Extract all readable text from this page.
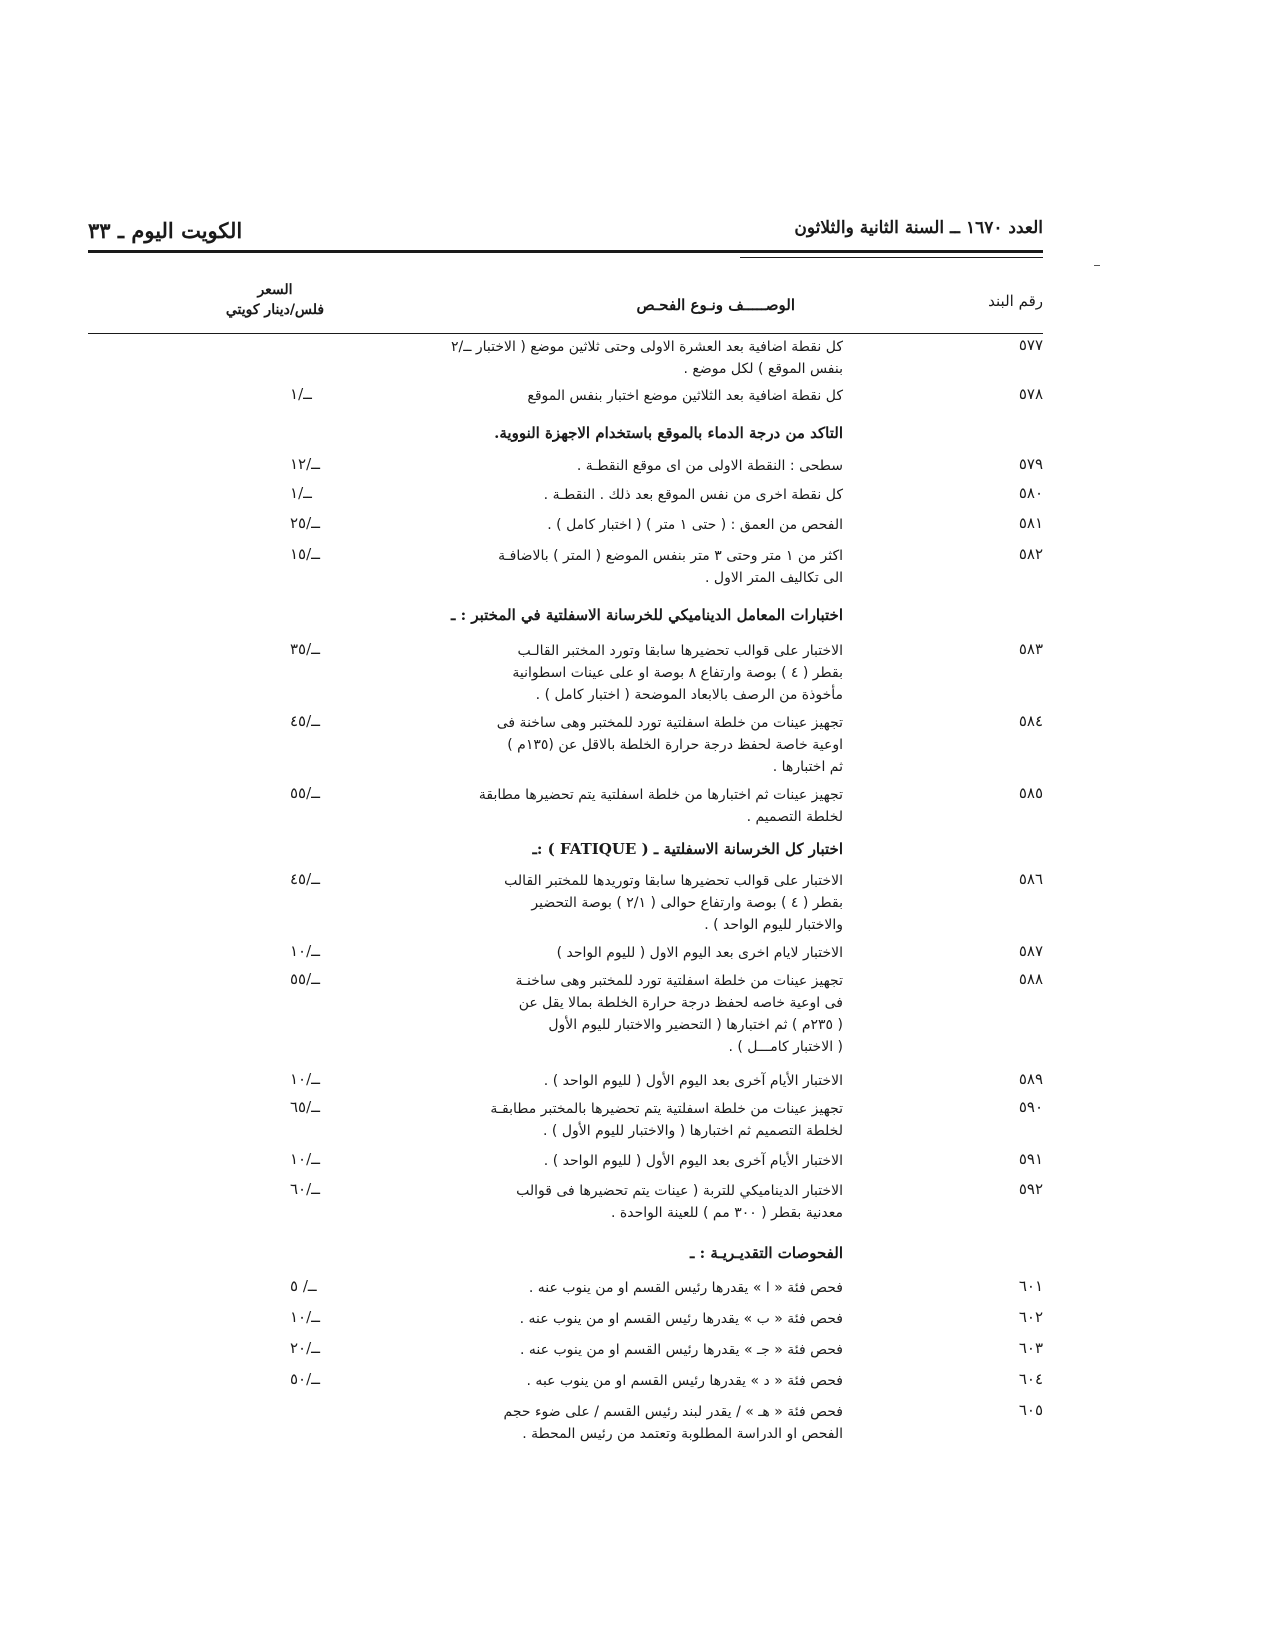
العدد ١٦٧٠ ــ السنة الثانية والثلاثون
الكويت اليوم ـ ٣٣
رقم البند
الوصـــــف ونـوع الفحـص
السعر
فلس/دينار كويتي
٥٧٧
كل نقطة اضافية بعد العشرة الاولى وحتى ثلاثين موضع ( الاختبار ــ/٢
بنفس الموقع ) لكل موضع .
٥٧٨
كل نقطة اضافية بعد الثلاثين موضع اختبار بنفس الموقع
ــ/١
التاكد من درجة الدماء بالموقع باستخدام الاجهزة النووية.
٥٧٩
سطحى : النقطة الاولى من اى موقع النقطـة .
ــ/١٢
٥٨٠
كل نقطة اخرى من نفس الموقع بعد ذلك . النقطـة .
ــ/١
٥٨١
الفحص من العمق : ( حتى ١ متر ) ( اختبار كامل ) .
ــ/٢٥
٥٨٢
اكثر من ١ متر وحتى ٣ متر بنفس الموضع ( المتر ) بالاضافـة
الى تكاليف المتر الاول .
ــ/١٥
اختبارات المعامل الديناميكي للخرسانة الاسفلتية في المختبر : ـ
٥٨٣
الاختبار على قوالب تحضيرها سابقا وتورد المختبر القالـب
بقطر ( ٤ ) بوصة وارتفاع ٨ بوصة او على عينات اسطوانية
مأخوذة من الرصف بالابعاد الموضحة ( اختبار كامل ) .
ــ/٣٥
٥٨٤
تجهيز عينات من خلطة اسفلتية تورد للمختبر وهى ساخنة فى
اوعية خاصة لحفظ درجة حرارة الخلطة بالاقل عن (١٣٥م )
ثم اختبارها .
ــ/٤٥
٥٨٥
تجهيز عينات ثم اختبارها من خلطة اسفلتية يتم تحضيرها مطابقة
لخلطة التصميم .
ــ/٥٥
اختبار كل الخرسانة الاسفلتية ـ ( FATIQUE ) :ـ
٥٨٦
الاختبار على قوالب تحضيرها سابقا وتوريدها للمختبر القالب
بقطر ( ٤ ) بوصة وارتفاع حوالى ( ٢/١ ) بوصة التحضير
والاختبار لليوم الواحد ) .
ــ/٤٥
٥٨٧
الاختبار لايام اخرى بعد اليوم الاول ( لليوم الواحد )
ــ/١٠
٥٨٨
تجهيز عينات من خلطة اسفلتية تورد للمختبر وهى ساخنـة
فى اوعية خاصه لحفظ درجة حرارة الخلطة بمالا يقل عن
( ٢٣٥م ) ثم اختبارها ( التحضير والاختبار لليوم الأول
( الاختبار كامـــل ) .
ــ/٥٥
٥٨٩
الاختبار الأيام آخرى بعد اليوم الأول ( لليوم الواحد ) .
ــ/١٠
٥٩٠
تجهيز عينات من خلطة اسفلتية يتم تحضيرها بالمختبر مطابقـة
لخلطة التصميم ثم اختبارها ( والاختبار لليوم الأول ) .
ــ/٦٥
٥٩١
الاختبار الأيام آخرى بعد اليوم الأول ( لليوم الواحد ) .
ــ/١٠
٥٩٢
الاختبار الديناميكي للتربة ( عينات يتم تحضيرها فى قوالب
معدنية بقطر ( ٣٠٠ مم ) للعينة الواحدة .
ــ/٦٠
الفحوصات التقديـريـة : ـ
٦٠١
فحص فئة « ا » يقدرها رئيس القسم او من ينوب عنه .
ــ/ ٥
٦٠٢
فحص فئة « ب » يقدرها رئيس القسم او من ينوب عنه .
ــ/١٠
٦٠٣
فحص فئة « جـ » يقدرها رئيس القسم او من ينوب عنه .
ــ/٢٠
٦٠٤
فحص فئة « د » يقدرها رئيس القسم او من ينوب عبه .
ــ/٥٠
٦٠٥
فحص فئة « هـ » / يقدر لبند رئيس القسم / على ضوء حجم
الفحص او الدراسة المطلوبة وتعتمد من رئيس المحطة .
